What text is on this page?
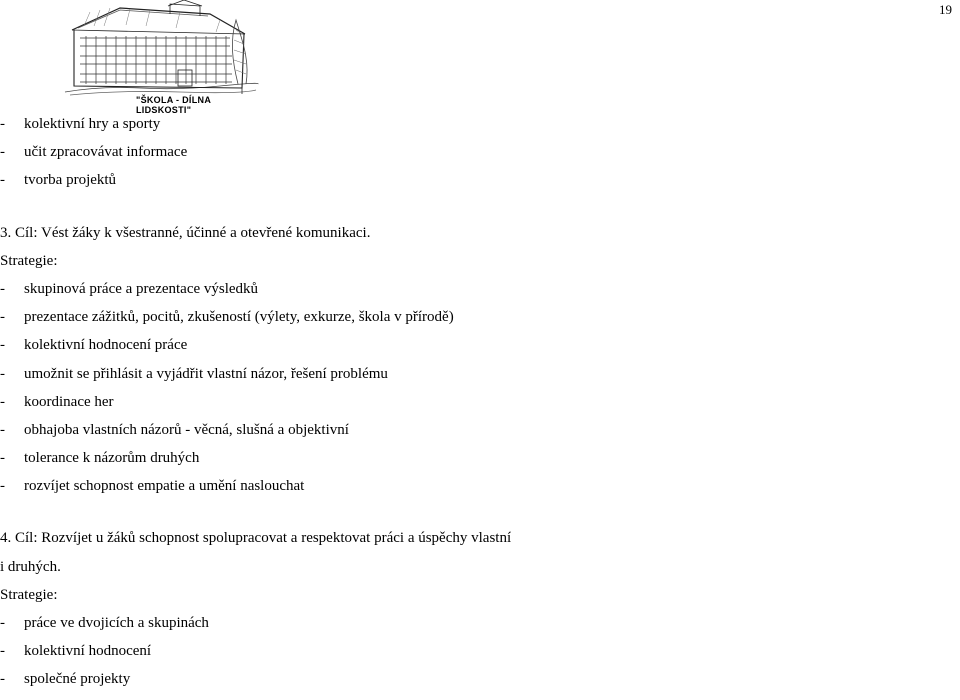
19
"ŠKOLA - DÍLNA LIDSKOSTI"
- kolektivní hry a sporty
- učit zpracovávat informace
- tvorba projektů
3. Cíl: Vést žáky k všestranné, účinné a otevřené komunikaci.
Strategie:
- skupinová práce a prezentace výsledků
- prezentace zážitků, pocitů, zkušeností (výlety, exkurze, škola v přírodě)
- kolektivní hodnocení práce
- umožnit se přihlásit a vyjádřit vlastní názor, řešení problému
- koordinace her
- obhajoba vlastních názorů - věcná, slušná a objektivní
- tolerance k názorům druhých
- rozvíjet schopnost empatie a umění naslouchat
4. Cíl: Rozvíjet u žáků schopnost spolupracovat a respektovat práci a úspěchy vlastní
i druhých.
Strategie:
- práce ve dvojicích a skupinách
- kolektivní hodnocení
- společné projekty
